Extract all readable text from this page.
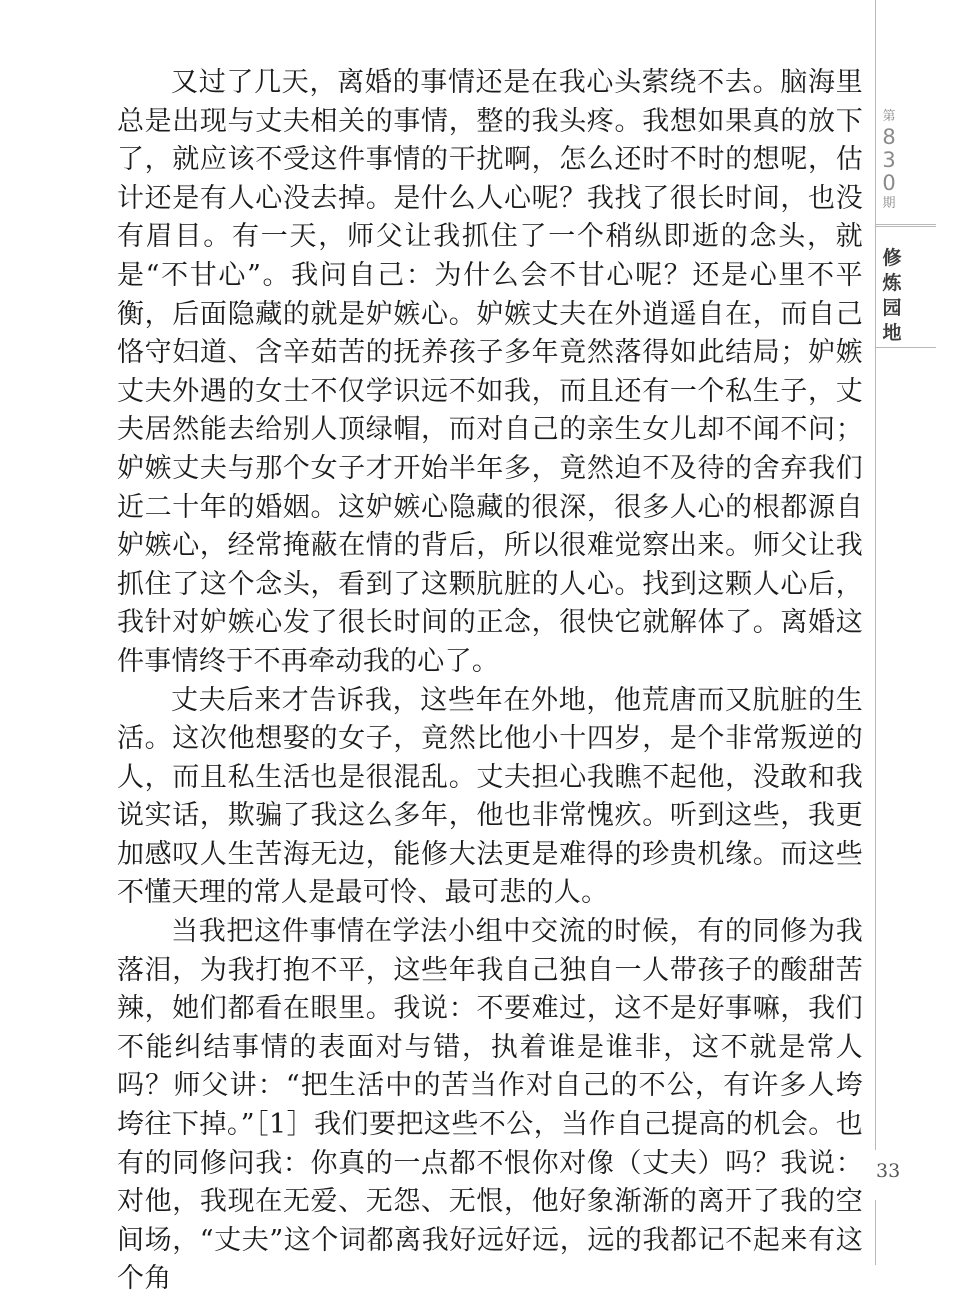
第
8
3
0
期
修
炼
园
地

又过了几天，离婚的事情还是在我心头萦绕不去。脑海里总是出现与丈夫相关的事情，整的我头疼。我想如果真的放下了，就应该不受这件事情的干扰啊，怎么还时不时的想呢，估计还是有人心没去掉。是什么人心呢？我找了很长时间，也没有眉目。有一天，师父让我抓住了一个稍纵即逝的念头，就是“不甘心”。我问自己：为什么会不甘心呢？还是心里不平衡，后面隐藏的就是妒嫉心。妒嫉丈夫在外逍遥自在，而自己恪守妇道、含辛茹苦的抚养孩子多年竟然落得如此结局；妒嫉丈夫外遇的女士不仅学识远不如我，而且还有一个私生子，丈夫居然能去给别人顶绿帽，而对自己的亲生女儿却不闻不问；妒嫉丈夫与那个女子才开始半年多，竟然迫不及待的舍弃我们近二十年的婚姻。这妒嫉心隐藏的很深，很多人心的根都源自妒嫉心，经常掩蔽在情的背后，所以很难觉察出来。师父让我抓住了这个念头，看到了这颗肮脏的人心。找到这颗人心后，我针对妒嫉心发了很长时间的正念，很快它就解体了。离婚这件事情终于不再牵动我的心了。

丈夫后来才告诉我，这些年在外地，他荒唐而又肮脏的生活。这次他想娶的女子，竟然比他小十四岁，是个非常叛逆的人，而且私生活也是很混乱。丈夫担心我瞧不起他，没敢和我说实话，欺骗了我这么多年，他也非常愧疚。听到这些，我更加感叹人生苦海无边，能修大法更是难得的珍贵机缘。而这些不懂天理的常人是最可怜、最可悲的人。

当我把这件事情在学法小组中交流的时候，有的同修为我落泪，为我打抱不平，这些年我自己独自一人带孩子的酸甜苦辣，她们都看在眼里。我说：不要难过，这不是好事嘛，我们不能纠结事情的表面对与错，执着谁是谁非，这不就是常人吗？师父讲：“把生活中的苦当作对自己的不公，有许多人垮垮往下掉。”［1］我们要把这些不公，当作自己提高的机会。也有的同修问我：你真的一点都不恨你对像（丈夫）吗？我说：对他，我现在无爱、无怨、无恨，他好象渐渐的离开了我的空间场，“丈夫”这个词都离我好远好远，远的我都记不起来有这个角

33
